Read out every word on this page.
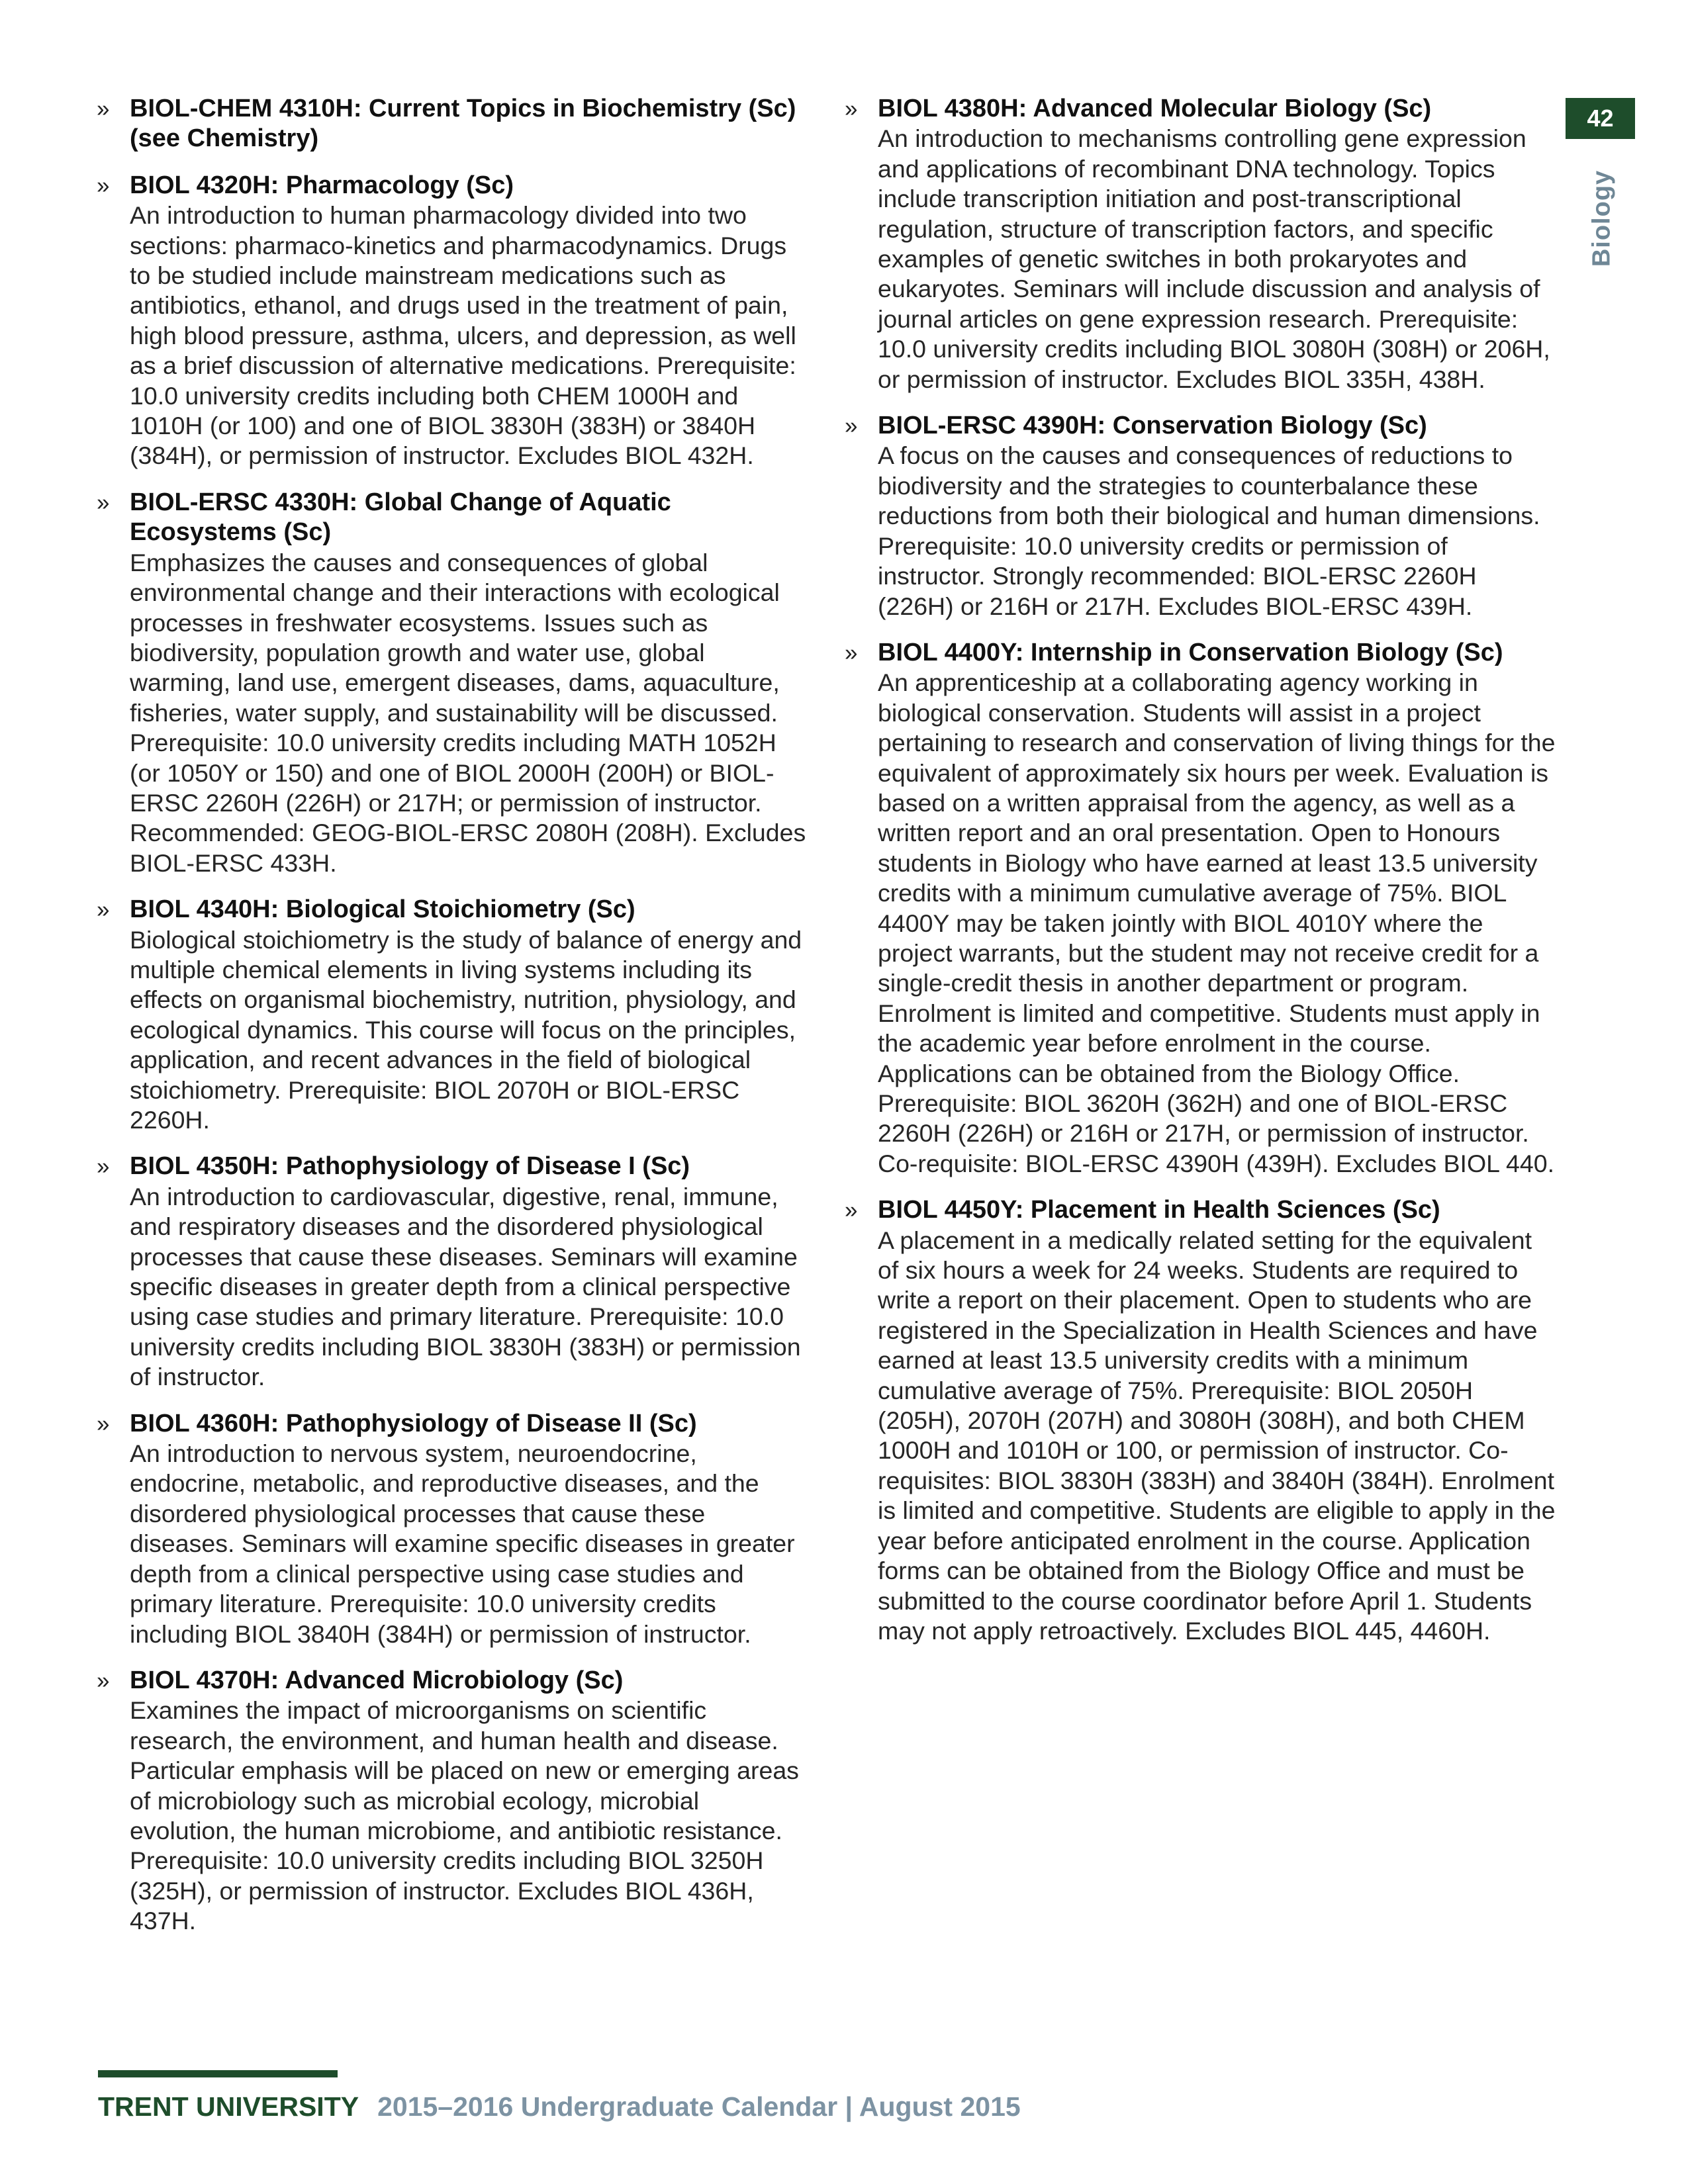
42
Biology
» BIOL-CHEM 4310H: Current Topics in Biochemistry (Sc) (see Chemistry)
» BIOL 4320H: Pharmacology (Sc)
An introduction to human pharmacology divided into two sections: pharmaco-kinetics and pharmacodynamics. Drugs to be studied include mainstream medications such as antibiotics, ethanol, and drugs used in the treatment of pain, high blood pressure, asthma, ulcers, and depression, as well as a brief discussion of alternative medications. Prerequisite: 10.0 university credits including both CHEM 1000H and 1010H (or 100) and one of BIOL 3830H (383H) or 3840H (384H), or permission of instructor. Excludes BIOL 432H.
» BIOL-ERSC 4330H: Global Change of Aquatic Ecosystems (Sc)
Emphasizes the causes and consequences of global environmental change and their interactions with ecological processes in freshwater ecosystems. Issues such as biodiversity, population growth and water use, global warming, land use, emergent diseases, dams, aquaculture, fisheries, water supply, and sustainability will be discussed. Prerequisite: 10.0 university credits including MATH 1052H (or 1050Y or 150) and one of BIOL 2000H (200H) or BIOL-ERSC 2260H (226H) or 217H; or permission of instructor. Recommended: GEOG-BIOL-ERSC 2080H (208H). Excludes BIOL-ERSC 433H.
» BIOL 4340H: Biological Stoichiometry (Sc)
Biological stoichiometry is the study of balance of energy and multiple chemical elements in living systems including its effects on organismal biochemistry, nutrition, physiology, and ecological dynamics. This course will focus on the principles, application, and recent advances in the field of biological stoichiometry. Prerequisite: BIOL 2070H or BIOL-ERSC 2260H.
» BIOL 4350H: Pathophysiology of Disease I (Sc)
An introduction to cardiovascular, digestive, renal, immune, and respiratory diseases and the disordered physiological processes that cause these diseases. Seminars will examine specific diseases in greater depth from a clinical perspective using case studies and primary literature. Prerequisite: 10.0 university credits including BIOL 3830H (383H) or permission of instructor.
» BIOL 4360H: Pathophysiology of Disease II (Sc)
An introduction to nervous system, neuroendocrine, endocrine, metabolic, and reproductive diseases, and the disordered physiological processes that cause these diseases. Seminars will examine specific diseases in greater depth from a clinical perspective using case studies and primary literature. Prerequisite: 10.0 university credits including BIOL 3840H (384H) or permission of instructor.
» BIOL 4370H: Advanced Microbiology (Sc)
Examines the impact of microorganisms on scientific research, the environment, and human health and disease. Particular emphasis will be placed on new or emerging areas of microbiology such as microbial ecology, microbial evolution, the human microbiome, and antibiotic resistance. Prerequisite: 10.0 university credits including BIOL 3250H (325H), or permission of instructor. Excludes BIOL 436H, 437H.
» BIOL 4380H: Advanced Molecular Biology (Sc)
An introduction to mechanisms controlling gene expression and applications of recombinant DNA technology. Topics include transcription initiation and post-transcriptional regulation, structure of transcription factors, and specific examples of genetic switches in both prokaryotes and eukaryotes. Seminars will include discussion and analysis of journal articles on gene expression research. Prerequisite: 10.0 university credits including BIOL 3080H (308H) or 206H, or permission of instructor. Excludes BIOL 335H, 438H.
» BIOL-ERSC 4390H: Conservation Biology (Sc)
A focus on the causes and consequences of reductions to biodiversity and the strategies to counterbalance these reductions from both their biological and human dimensions. Prerequisite: 10.0 university credits or permission of instructor. Strongly recommended: BIOL-ERSC 2260H (226H) or 216H or 217H. Excludes BIOL-ERSC 439H.
» BIOL 4400Y: Internship in Conservation Biology (Sc)
An apprenticeship at a collaborating agency working in biological conservation. Students will assist in a project pertaining to research and conservation of living things for the equivalent of approximately six hours per week. Evaluation is based on a written appraisal from the agency, as well as a written report and an oral presentation. Open to Honours students in Biology who have earned at least 13.5 university credits with a minimum cumulative average of 75%. BIOL 4400Y may be taken jointly with BIOL 4010Y where the project warrants, but the student may not receive credit for a single-credit thesis in another department or program. Enrolment is limited and competitive. Students must apply in the academic year before enrolment in the course. Applications can be obtained from the Biology Office. Prerequisite: BIOL 3620H (362H) and one of BIOL-ERSC 2260H (226H) or 216H or 217H, or permission of instructor. Co-requisite: BIOL-ERSC 4390H (439H). Excludes BIOL 440.
» BIOL 4450Y: Placement in Health Sciences (Sc)
A placement in a medically related setting for the equivalent of six hours a week for 24 weeks. Students are required to write a report on their placement. Open to students who are registered in the Specialization in Health Sciences and have earned at least 13.5 university credits with a minimum cumulative average of 75%. Prerequisite: BIOL 2050H (205H), 2070H (207H) and 3080H (308H), and both CHEM 1000H and 1010H or 100, or permission of instructor. Co-requisites: BIOL 3830H (383H) and 3840H (384H). Enrolment is limited and competitive. Students are eligible to apply in the year before anticipated enrolment in the course. Application forms can be obtained from the Biology Office and must be submitted to the course coordinator before April 1. Students may not apply retroactively. Excludes BIOL 445, 4460H.
TRENT UNIVERSITY 2015–2016 Undergraduate Calendar | August 2015
